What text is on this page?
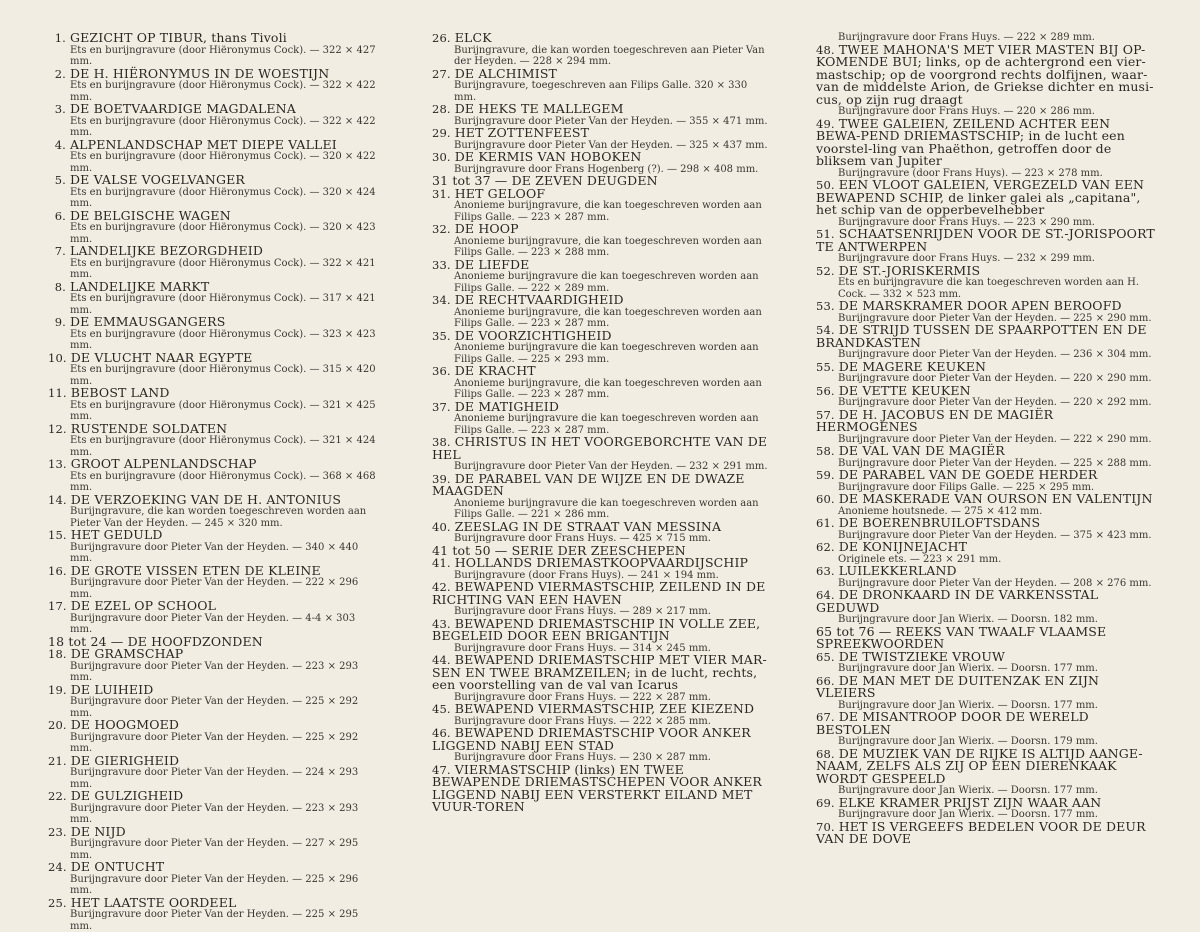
1. GEZICHT OP TIBUR, thans Tivoli
Ets en burijngravure (door Hiëronymus Cock). — 322 × 427 mm.
2. DE H. HIËRONYMUS IN DE WOESTIJN
Ets en burijngravure (door Hiëronymus Cock). — 322 × 422 mm.
3. DE BOETVAARDIGE MAGDALENA
Ets en burijngravure (door Hiëronymus Cock). — 322 × 422 mm.
4. ALPENLANDSCHAP MET DIEPE VALLEI
Ets en burijngravure (door Hiëronymus Cock). — 320 × 422 mm.
5. DE VALSE VOGELVANGER
Ets en burijngravure (door Hiëronymus Cock). — 320 × 424 mm.
6. DE BELGISCHE WAGEN
Ets en burijngravure (door Hiëronymus Cock). — 320 × 423 mm.
7. LANDELIJKE BEZORGDHEID
Ets en burijngravure (door Hiëronymus Cock). — 322 × 421 mm.
8. LANDELIJKE MARKT
Ets en burijngravure (door Hiëronymus Cock). — 317 × 421 mm.
9. DE EMMAUSGANGERS
Ets en burijngravure (door Hiëronymus Cock). — 323 × 423 mm.
10. DE VLUCHT NAAR EGYPTE
Ets en burijngravure (door Hiëronymus Cock). — 315 × 420 mm.
11. BEBOST LAND
Ets en burijngravure (door Hiëronymus Cock). — 321 × 425 mm.
12. RUSTENDE SOLDATEN
Ets en burijngravure (door Hiëronymus Cock). — 321 × 424 mm.
13. GROOT ALPENLANDSCHAP
Ets en burijngravure (door Hiëronymus Cock). — 368 × 468 mm.
14. DE VERZOEKING VAN DE H. ANTONIUS
Burijngravure, die kan worden toegeschreven worden aan Pieter Van der Heyden. — 245 × 320 mm.
15. HET GEDULD
Burijngravure door Pieter Van der Heyden. — 340 × 440 mm.
16. DE GROTE VISSEN ETEN DE KLEINE
Burijngravure door Pieter Van der Heyden. — 222 × 296 mm.
17. DE EZEL OP SCHOOL
Burijngravure door Pieter Van der Heyden. — 4-4 × 303 mm.
18 tot 24 — DE HOOFDZONDEN
18. DE GRAMSCHAP
Burijngravure door Pieter Van der Heyden. — 223 × 293 mm.
19. DE LUIHEID
Burijngravure door Pieter Van der Heyden. — 225 × 292 mm.
20. DE HOOGMOED
Burijngravure door Pieter Van der Heyden. — 225 × 292 mm.
21. DE GIERIGHEID
Burijngravure door Pieter Van der Heyden. — 224 × 293 mm.
22. DE GULZIGHEID
Burijngravure door Pieter Van der Heyden. — 223 × 293 mm.
23. DE NIJD
Burijngravure door Pieter Van der Heyden. — 227 × 295 mm.
24. DE ONTUCHT
Burijngravure door Pieter Van der Heyden. — 225 × 296 mm.
25. HET LAATSTE OORDEEL
Burijngravure door Pieter Van der Heyden. — 225 × 295 mm.
26. ELCK
Burijngravure, die kan worden toegeschreven aan Pieter Van der Heyden. — 228 × 294 mm.
27. DE ALCHIMIST
Burijngravure, toegeschreven aan Filips Galle. 320 × 330 mm.
28. DE HEKS TE MALLEGEM
Burijngravure door Pieter Van der Heyden. — 355 × 471 mm.
29. HET ZOTTENFEEST
Burijngravure door Pieter Van der Heyden. — 325 × 437 mm.
30. DE KERMIS VAN HOBOKEN
Burijngravure door Frans Hogenberg (?). — 298 × 408 mm.
31 tot 37 — DE ZEVEN DEUGDEN
31. HET GELOOF
Anonieme burijngravure, die kan toegeschreven worden aan Filips Galle. — 223 × 287 mm.
32. DE HOOP
Anonieme burijngravure, die kan toegeschreven worden aan Filips Galle. — 223 × 288 mm.
33. DE LIEFDE
Anonieme burijngravure die kan toegeschreven worden aan Filips Galle. — 222 × 289 mm.
34. DE RECHTVAARDIGHEID
Anonieme burijngravure, die kan toegeschreven worden aan Filips Galle. — 223 × 287 mm.
35. DE VOORZICHTIGHEID
Anonieme burijngravure die kan toegeschreven worden aan Filips Galle. — 225 × 293 mm.
36. DE KRACHT
Anonieme burijngravure, die kan toegeschreven worden aan Filips Galle. — 223 × 287 mm.
37. DE MATIGHEID
Anonieme burijngravure die kan toegeschreven worden aan Filips Galle. — 223 × 287 mm.
38. CHRISTUS IN HET VOORGEBORCHTE VAN DE HEL
Burijngravure door Pieter Van der Heyden. — 232 × 291 mm.
39. DE PARABEL VAN DE WIJZE EN DE DWAZE MAAGDEN
Anonieme burijngravure die kan toegeschreven worden aan Filips Galle. — 221 × 286 mm.
40. ZEESLAG IN DE STRAAT VAN MESSINA
Burijngravure door Frans Huys. — 425 × 715 mm.
41 tot 50 — SERIE DER ZEESCHEPEN
41. HOLLANDS DRIEMASTKOOPVAARDIJSCHIP
Burijngravure (door Frans Huys). — 241 × 194 mm.
42. BEWAPEND VIERMASTSCHIP, ZEILEND IN DE RICHTING VAN EEN HAVEN
Burijngravure door Frans Huys. — 289 × 217 mm.
43. BEWAPEND DRIEMASTSCHIP IN VOLLE ZEE, BEGELEID DOOR EEN BRIGANTIJN
Burijngravure door Frans Huys. — 314 × 245 mm.
44. BEWAPEND DRIEMASTSCHIP MET VIER MAR-SEN EN TWEE BRAMZEILEN; in de lucht, rechts, een voorstelling van de val van Icarus
Burijngravure door Frans Huys. — 222 × 287 mm.
45. BEWAPEND VIERMASTSCHIP, ZEE KIEZEND
Burijngravure door Frans Huys. — 222 × 285 mm.
46. BEWAPEND DRIEMASTSCHIP VOOR ANKER LIGGEND NABIJ EEN STAD
Burijngravure door Frans Huys. — 230 × 287 mm.
47. VIERMASTSCHIP (links) EN TWEE BEWAPENDE DRIEMASTSCHEPEN VOOR ANKER LIGGEND NABIJ EEN VERSTERKT EILAND MET VUUR-TOREN
Burijngravure door Frans Huys. — 222 × 289 mm.
48. TWEE MAHONA'S MET VIER MASTEN BIJ OP-KOMENDE BUI; links, op de achtergrond een vier-mastschip; op de voorgrond rechts dolfijnen, waar-van de middelste Arion, de Griekse dichter en musi-cus, op zijn rug draagt
Burijngravure door Frans Huys. — 220 × 286 mm.
49. TWEE GALEIEN, ZEILEND ACHTER EEN BEWA-PEND DRIEMASTSCHIP; in de lucht een voorstel-ling van Phaëthon, getroffen door de bliksem van Jupiter
Burijngravure (door Frans Huys). — 223 × 278 mm.
50. EEN VLOOT GALEIEN, VERGEZELD VAN EEN BEWAPEND SCHIP, de linker galei als „capitana", het schip van de opperbevelhebber
Burijngravure door Frans Huys. — 223 × 290 mm.
51. SCHAATSENRIJDEN VOOR DE ST.-JORISPOORT TE ANTWERPEN
Burijngravure door Frans Huys. — 232 × 299 mm.
52. DE ST.-JORISKERMIS
Ets en burijngravure die kan toegeschreven worden aan H. Cock. — 332 × 523 mm.
53. DE MARSKRAMER DOOR APEN BEROOFD
Burijngravure door Pieter Van der Heyden. — 225 × 290 mm.
54. DE STRIJD TUSSEN DE SPAARPOTTEN EN DE BRANDKASTEN
Burijngravure door Pieter Van der Heyden. — 236 × 304 mm.
55. DE MAGERE KEUKEN
Burijngravure door Pieter Van der Heyden. — 220 × 290 mm.
56. DE VETTE KEUKEN
Burijngravure door Pieter Van der Heyden. — 220 × 292 mm.
57. DE H. JACOBUS EN DE MAGIËR HERMOGENES
Burijngravure door Pieter Van der Heyden. — 222 × 290 mm.
58. DE VAL VAN DE MAGIËR
Burijngravure door Pieter Van der Heyden. — 225 × 288 mm.
59. DE PARABEL VAN DE GOEDE HERDER
Burijngravure door Filips Galle. — 225 × 295 mm.
60. DE MASKERADE VAN OURSON EN VALENTIJN
Anonieme houtsnede. — 275 × 412 mm.
61. DE BOERENBRUILOFTSDANS
Burijngravure door Pieter Van der Heyden. — 375 × 423 mm.
62. DE KONIJNEJACHT
Originele ets. — 223 × 291 mm.
63. LUILEKKERLAND
Burijngravure door Pieter Van der Heyden. — 208 × 276 mm.
64. DE DRONKAARD IN DE VARKENSSTAL GEDUWD
Burijngravure door Jan Wierix. — Doorsn. 182 mm.
65 tot 76 — REEKS VAN TWAALF VLAAMSE SPREEKWOORDEN
65. DE TWISTZIEKE VROUW
Burijngravure door Jan Wierix. — Doorsn. 177 mm.
66. DE MAN MET DE DUITENZAK EN ZIJN VLEIERS
Burijngravure door Jan Wierix. — Doorsn. 177 mm.
67. DE MISANTROOP DOOR DE WERELD BESTOLEN
Burijngravure door Jan Wierix. — Doorsn. 179 mm.
68. DE MUZIEK VAN DE RIJKE IS ALTIJD AANGE-NAAM, ZELFS ALS ZIJ OP EEN DIERENKAAK WORDT GESPEELD
Burijngravure door Jan Wierix. — Doorsn. 177 mm.
69. ELKE KRAMER PRIJST ZIJN WAAR AAN
Burijngravure door Jan Wierix. — Doorsn. 177 mm.
70. HET IS VERGEEFS BEDELEN VOOR DE DEUR VAN DE DOVE
